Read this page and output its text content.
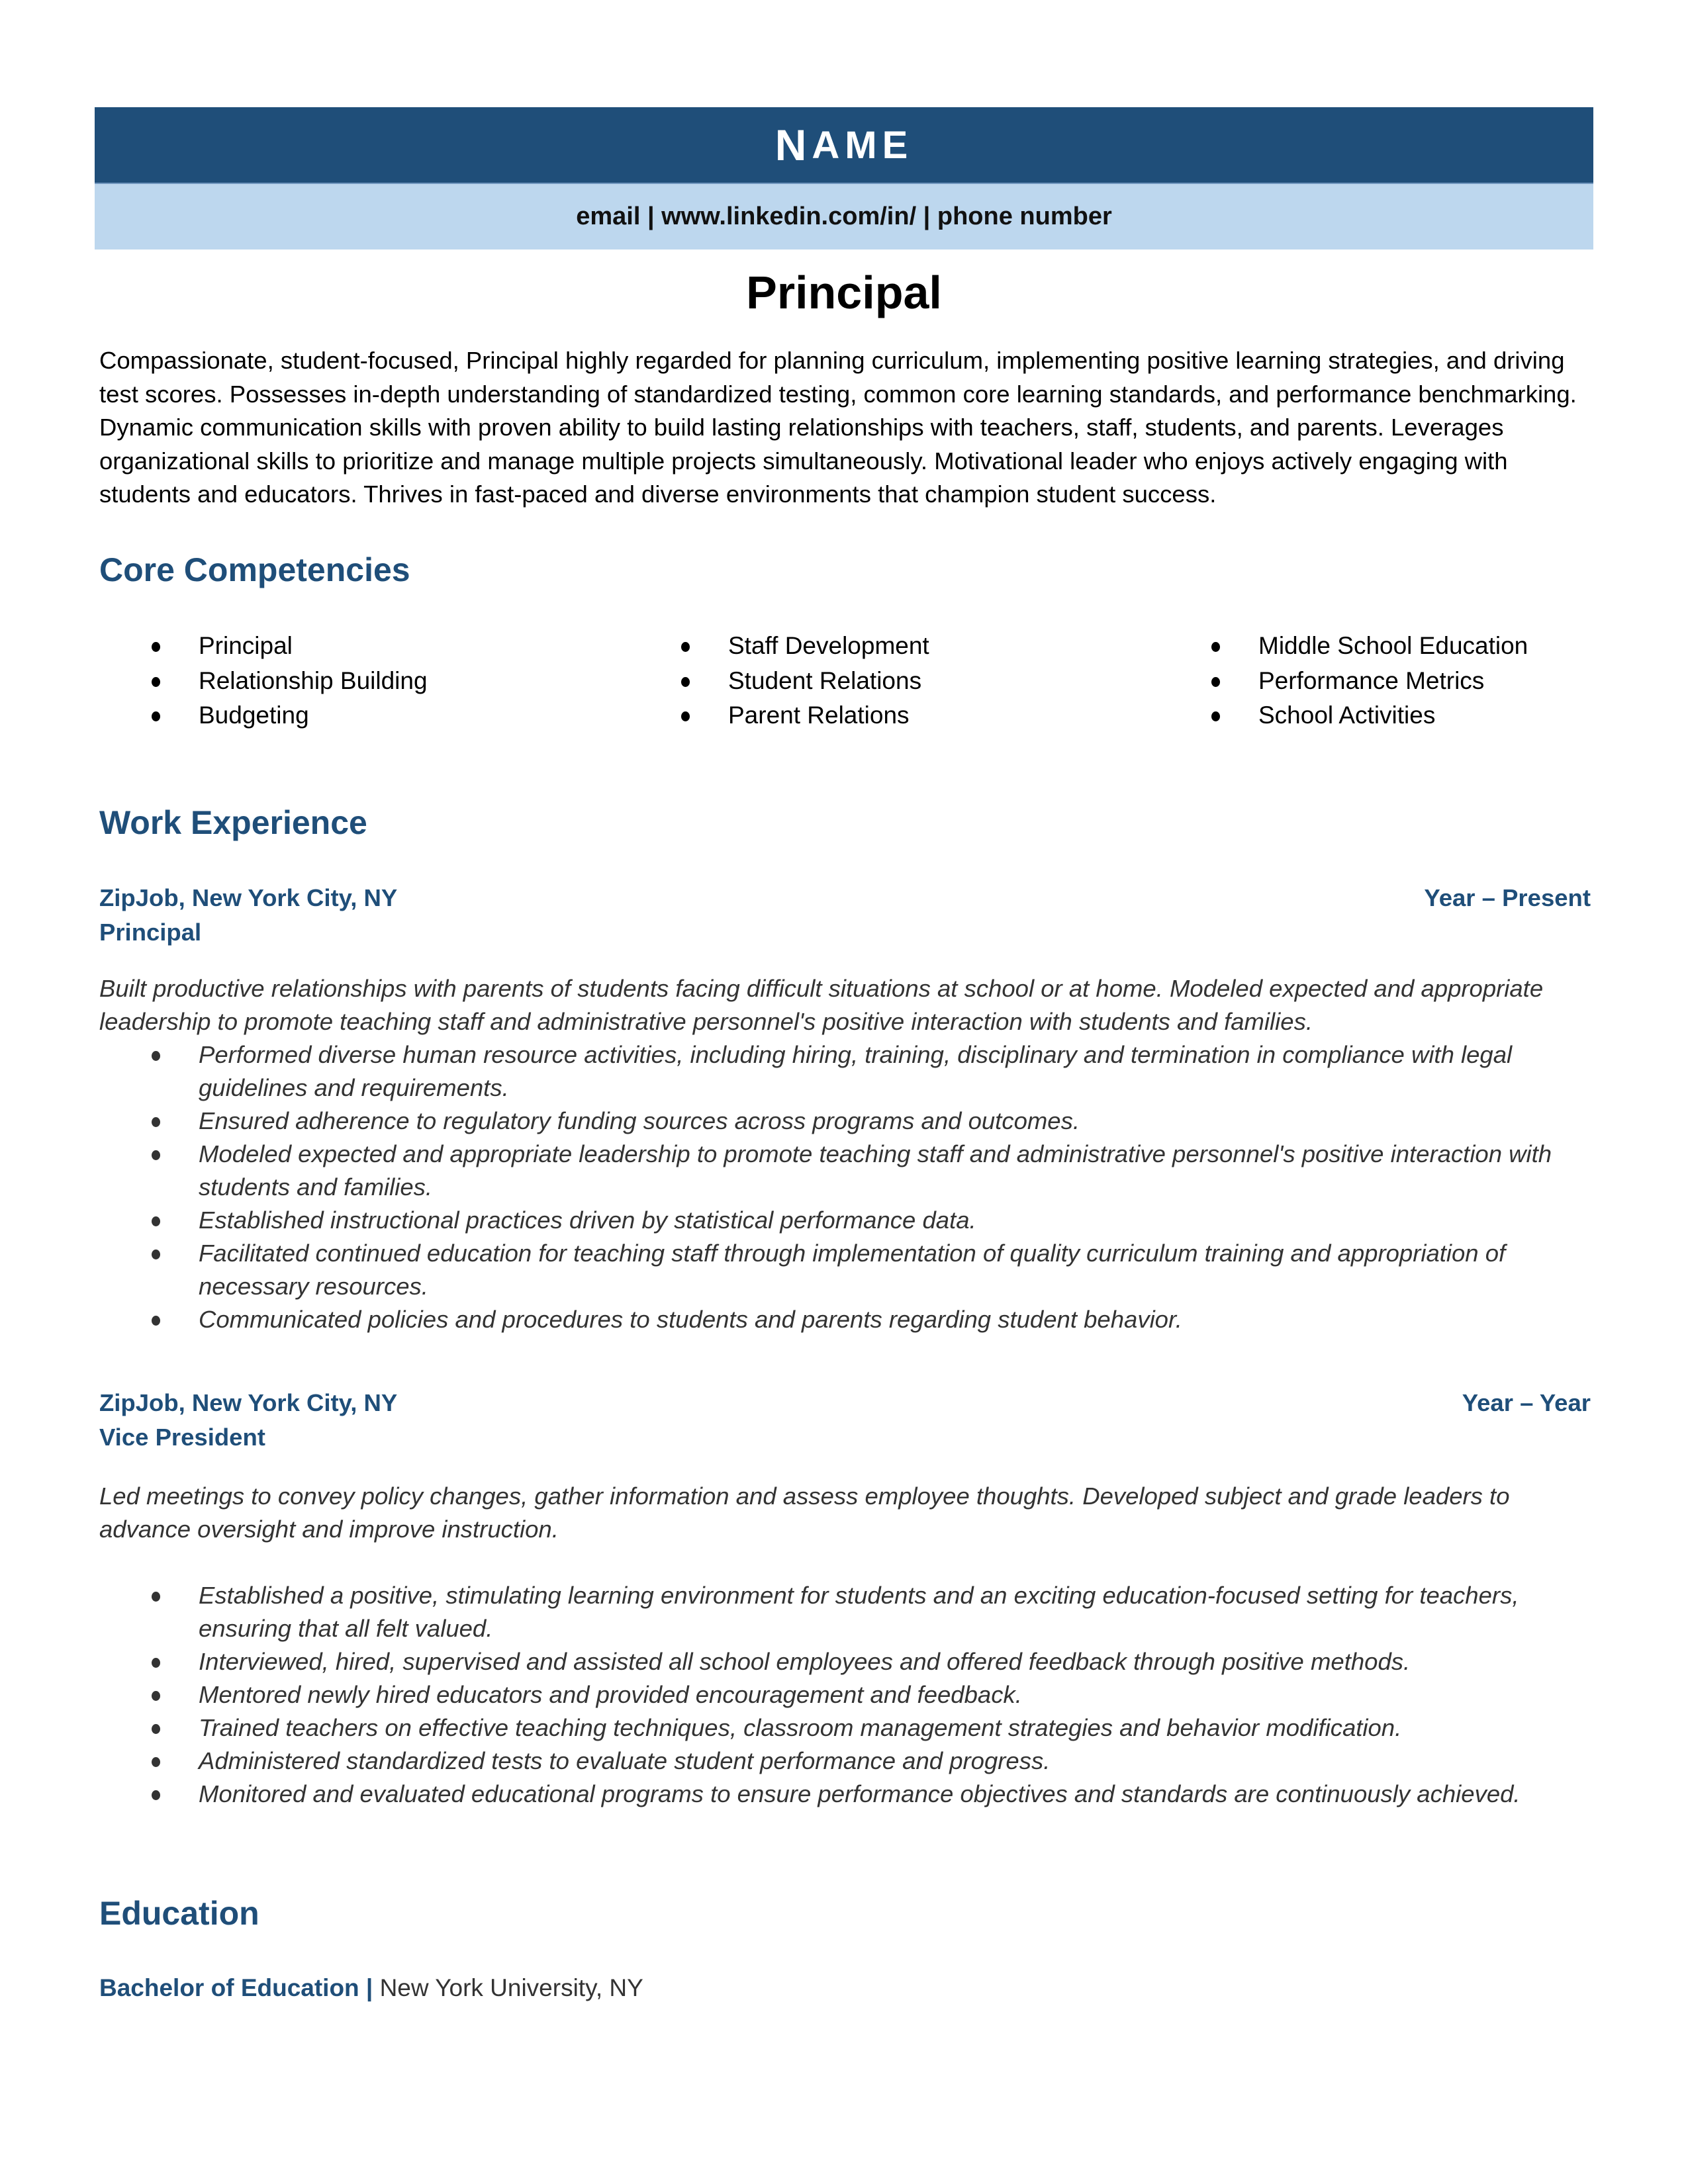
N AME
email | www.linkedin.com/in/ | phone number
Principal
Compassionate, student-focused, Principal highly regarded for planning curriculum, implementing positive learning strategies, and driving test scores. Possesses in-depth understanding of standardized testing, common core learning standards, and performance benchmarking. Dynamic communication skills with proven ability to build lasting relationships with teachers, staff, students, and parents. Leverages organizational skills to prioritize and manage multiple projects simultaneously. Motivational leader who enjoys actively engaging with students and educators. Thrives in fast-paced and diverse environments that champion student success.
Core Competencies
Principal
Relationship Building
Budgeting
Staff Development
Student Relations
Parent Relations
Middle School Education
Performance Metrics
School Activities
Work Experience
ZipJob, New York City, NY	Year – Present
Principal
Built productive relationships with parents of students facing difficult situations at school or at home. Modeled expected and appropriate leadership to promote teaching staff and administrative personnel's positive interaction with students and families.
Performed diverse human resource activities, including hiring, training, disciplinary and termination in compliance with legal guidelines and requirements.
Ensured adherence to regulatory funding sources across programs and outcomes.
Modeled expected and appropriate leadership to promote teaching staff and administrative personnel's positive interaction with students and families.
Established instructional practices driven by statistical performance data.
Facilitated continued education for teaching staff through implementation of quality curriculum training and appropriation of necessary resources.
Communicated policies and procedures to students and parents regarding student behavior.
ZipJob, New York City, NY	Year – Year
Vice President
Led meetings to convey policy changes, gather information and assess employee thoughts. Developed subject and grade leaders to advance oversight and improve instruction.
Established a positive, stimulating learning environment for students and an exciting education-focused setting for teachers, ensuring that all felt valued.
Interviewed, hired, supervised and assisted all school employees and offered feedback through positive methods.
Mentored newly hired educators and provided encouragement and feedback.
Trained teachers on effective teaching techniques, classroom management strategies and behavior modification.
Administered standardized tests to evaluate student performance and progress.
Monitored and evaluated educational programs to ensure performance objectives and standards are continuously achieved.
Education
Bachelor of Education | New York University, NY
